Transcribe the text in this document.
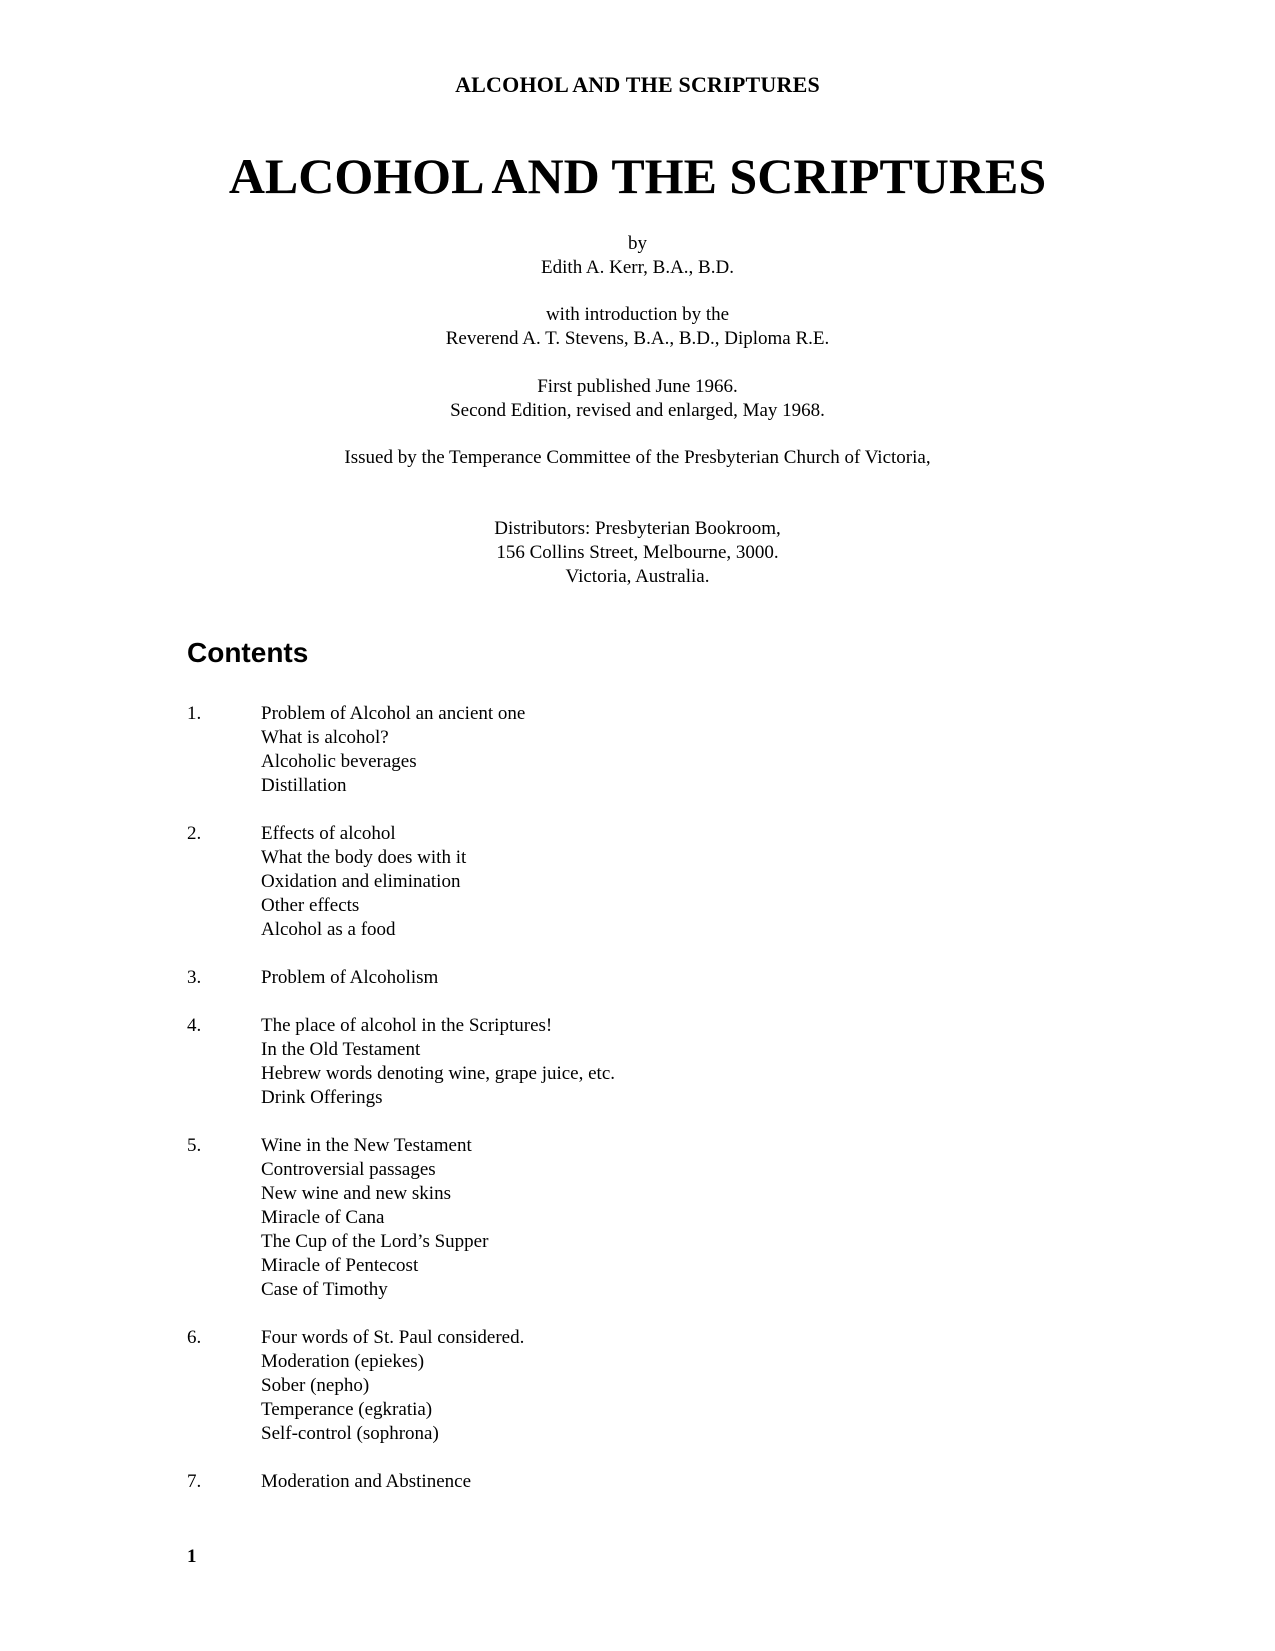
ALCOHOL AND THE SCRIPTURES
ALCOHOL AND THE SCRIPTURES
by
Edith A. Kerr, B.A., B.D.
with introduction by the
Reverend A. T. Stevens, B.A., B.D., Diploma R.E.
First published June 1966.
Second Edition, revised and enlarged, May 1968.
Issued by the Temperance Committee of the Presbyterian Church of Victoria,
Distributors: Presbyterian Bookroom,
156 Collins Street, Melbourne, 3000.
Victoria, Australia.
Contents
1.	Problem of Alcohol an ancient one
What is alcohol?
Alcoholic beverages
Distillation
2.	Effects of alcohol
What the body does with it
Oxidation and elimination
Other effects
Alcohol as a food
3.	Problem of Alcoholism
4.	The place of alcohol in the Scriptures!
In the Old Testament
Hebrew words denoting wine, grape juice, etc.
Drink Offerings
5.	Wine in the New Testament
Controversial passages
New wine and new skins
Miracle of Cana
The Cup of the Lord’s Supper
Miracle of Pentecost
Case of Timothy
6.	Four words of St. Paul considered.
Moderation (epiekes)
Sober (nepho)
Temperance (egkratia)
Self-control (sophrona)
7.	Moderation and Abstinence
1
